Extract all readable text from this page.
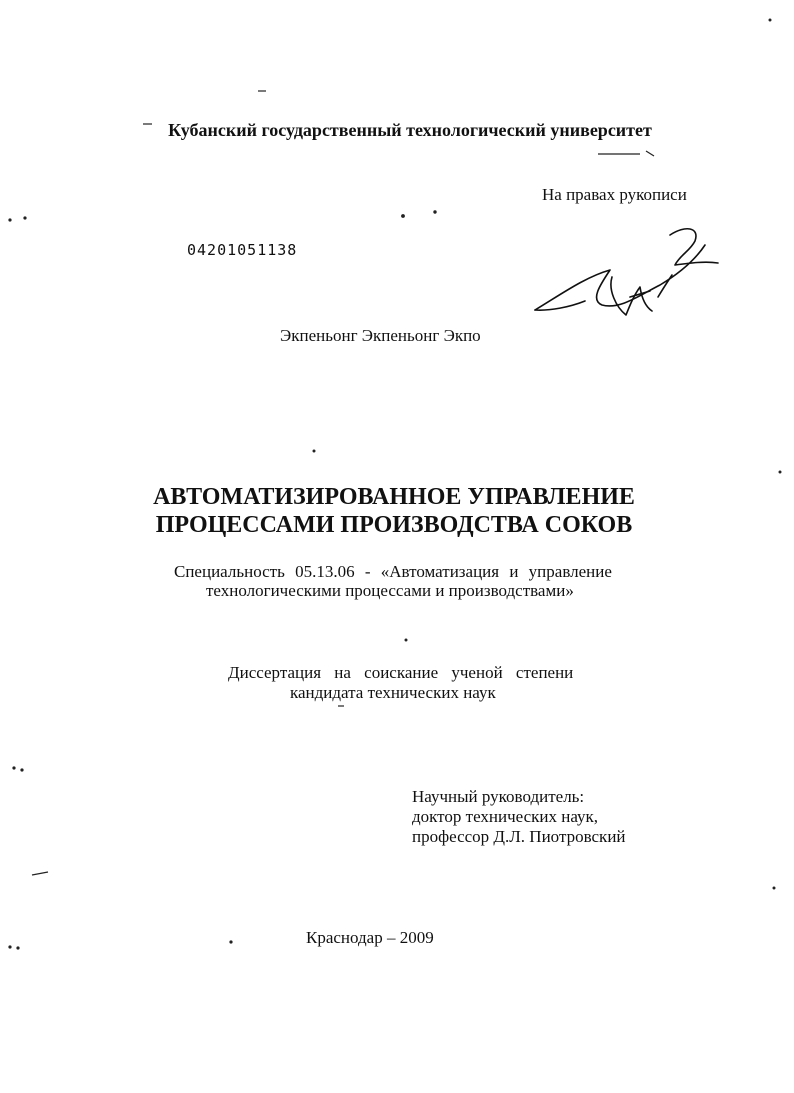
Кубанский государственный технологический университет
На правах рукописи
04201051138
Экпеньонг Экпеньонг Экпо
АВТОМАТИЗИРОВАННОЕ УПРАВЛЕНИЕ
ПРОЦЕССАМИ ПРОИЗВОДСТВА СОКОВ
Специальность 05.13.06 - «Автоматизация и управление
технологическими процессами и производствами»
Диссертация на соискание ученой степени
кандидата технических наук
Научный руководитель:
доктор технических наук,
профессор Д.Л. Пиотровский
Краснодар – 2009
